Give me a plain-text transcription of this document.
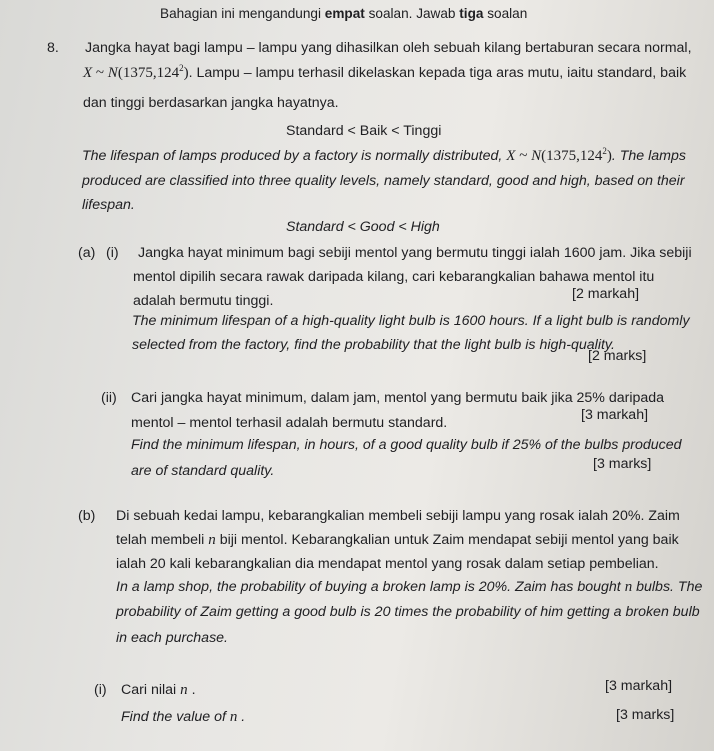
Bahagian ini mengandungi empat soalan. Jawab tiga soalan
8. Jangka hayat bagi lampu – lampu yang dihasilkan oleh sebuah kilang bertaburan secara normal,
X ~ N(1375,124$^2$). Lampu – lampu terhasil dikelaskan kepada tiga aras mutu, iaitu standard, baik
dan tinggi berdasarkan jangka hayatnya.
Standard < Baik < Tinggi
The lifespan of lamps produced by a factory is normally distributed, X ~ N(1375,124$^2$). The lamps
produced are classified into three quality levels, namely standard, good and high, based on their
lifespan.
Standard < Good < High
(a) (i) Jangka hayat minimum bagi sebiji mentol yang bermutu tinggi ialah 1600 jam. Jika sebiji
mentol dipilih secara rawak daripada kilang, cari kebarangkalian bahawa mentol itu
adalah bermutu tinggi.	[2 markah]
The minimum lifespan of a high-quality light bulb is 1600 hours. If a light bulb is randomly
selected from the factory, find the probability that the light bulb is high-quality.
[2 marks]
(ii) Cari jangka hayat minimum, dalam jam, mentol yang bermutu baik jika 25% daripada
mentol – mentol terhasil adalah bermutu standard.	[3 markah]
Find the minimum lifespan, in hours, of a good quality bulb if 25% of the bulbs produced
are of standard quality.	[3 marks]
(b) Di sebuah kedai lampu, kebarangkalian membeli sebiji lampu yang rosak ialah 20%. Zaim
telah membeli n biji mentol. Kebarangkalian untuk Zaim mendapat sebiji mentol yang baik
ialah 20 kali kebarangkalian dia mendapat mentol yang rosak dalam setiap pembelian.
In a lamp shop, the probability of buying a broken lamp is 20%. Zaim has bought n bulbs. The
probability of Zaim getting a good bulb is 20 times the probability of him getting a broken bulb
in each purchase.
(i) Cari nilai n .	[3 markah]
Find the value of n .	[3 marks]
